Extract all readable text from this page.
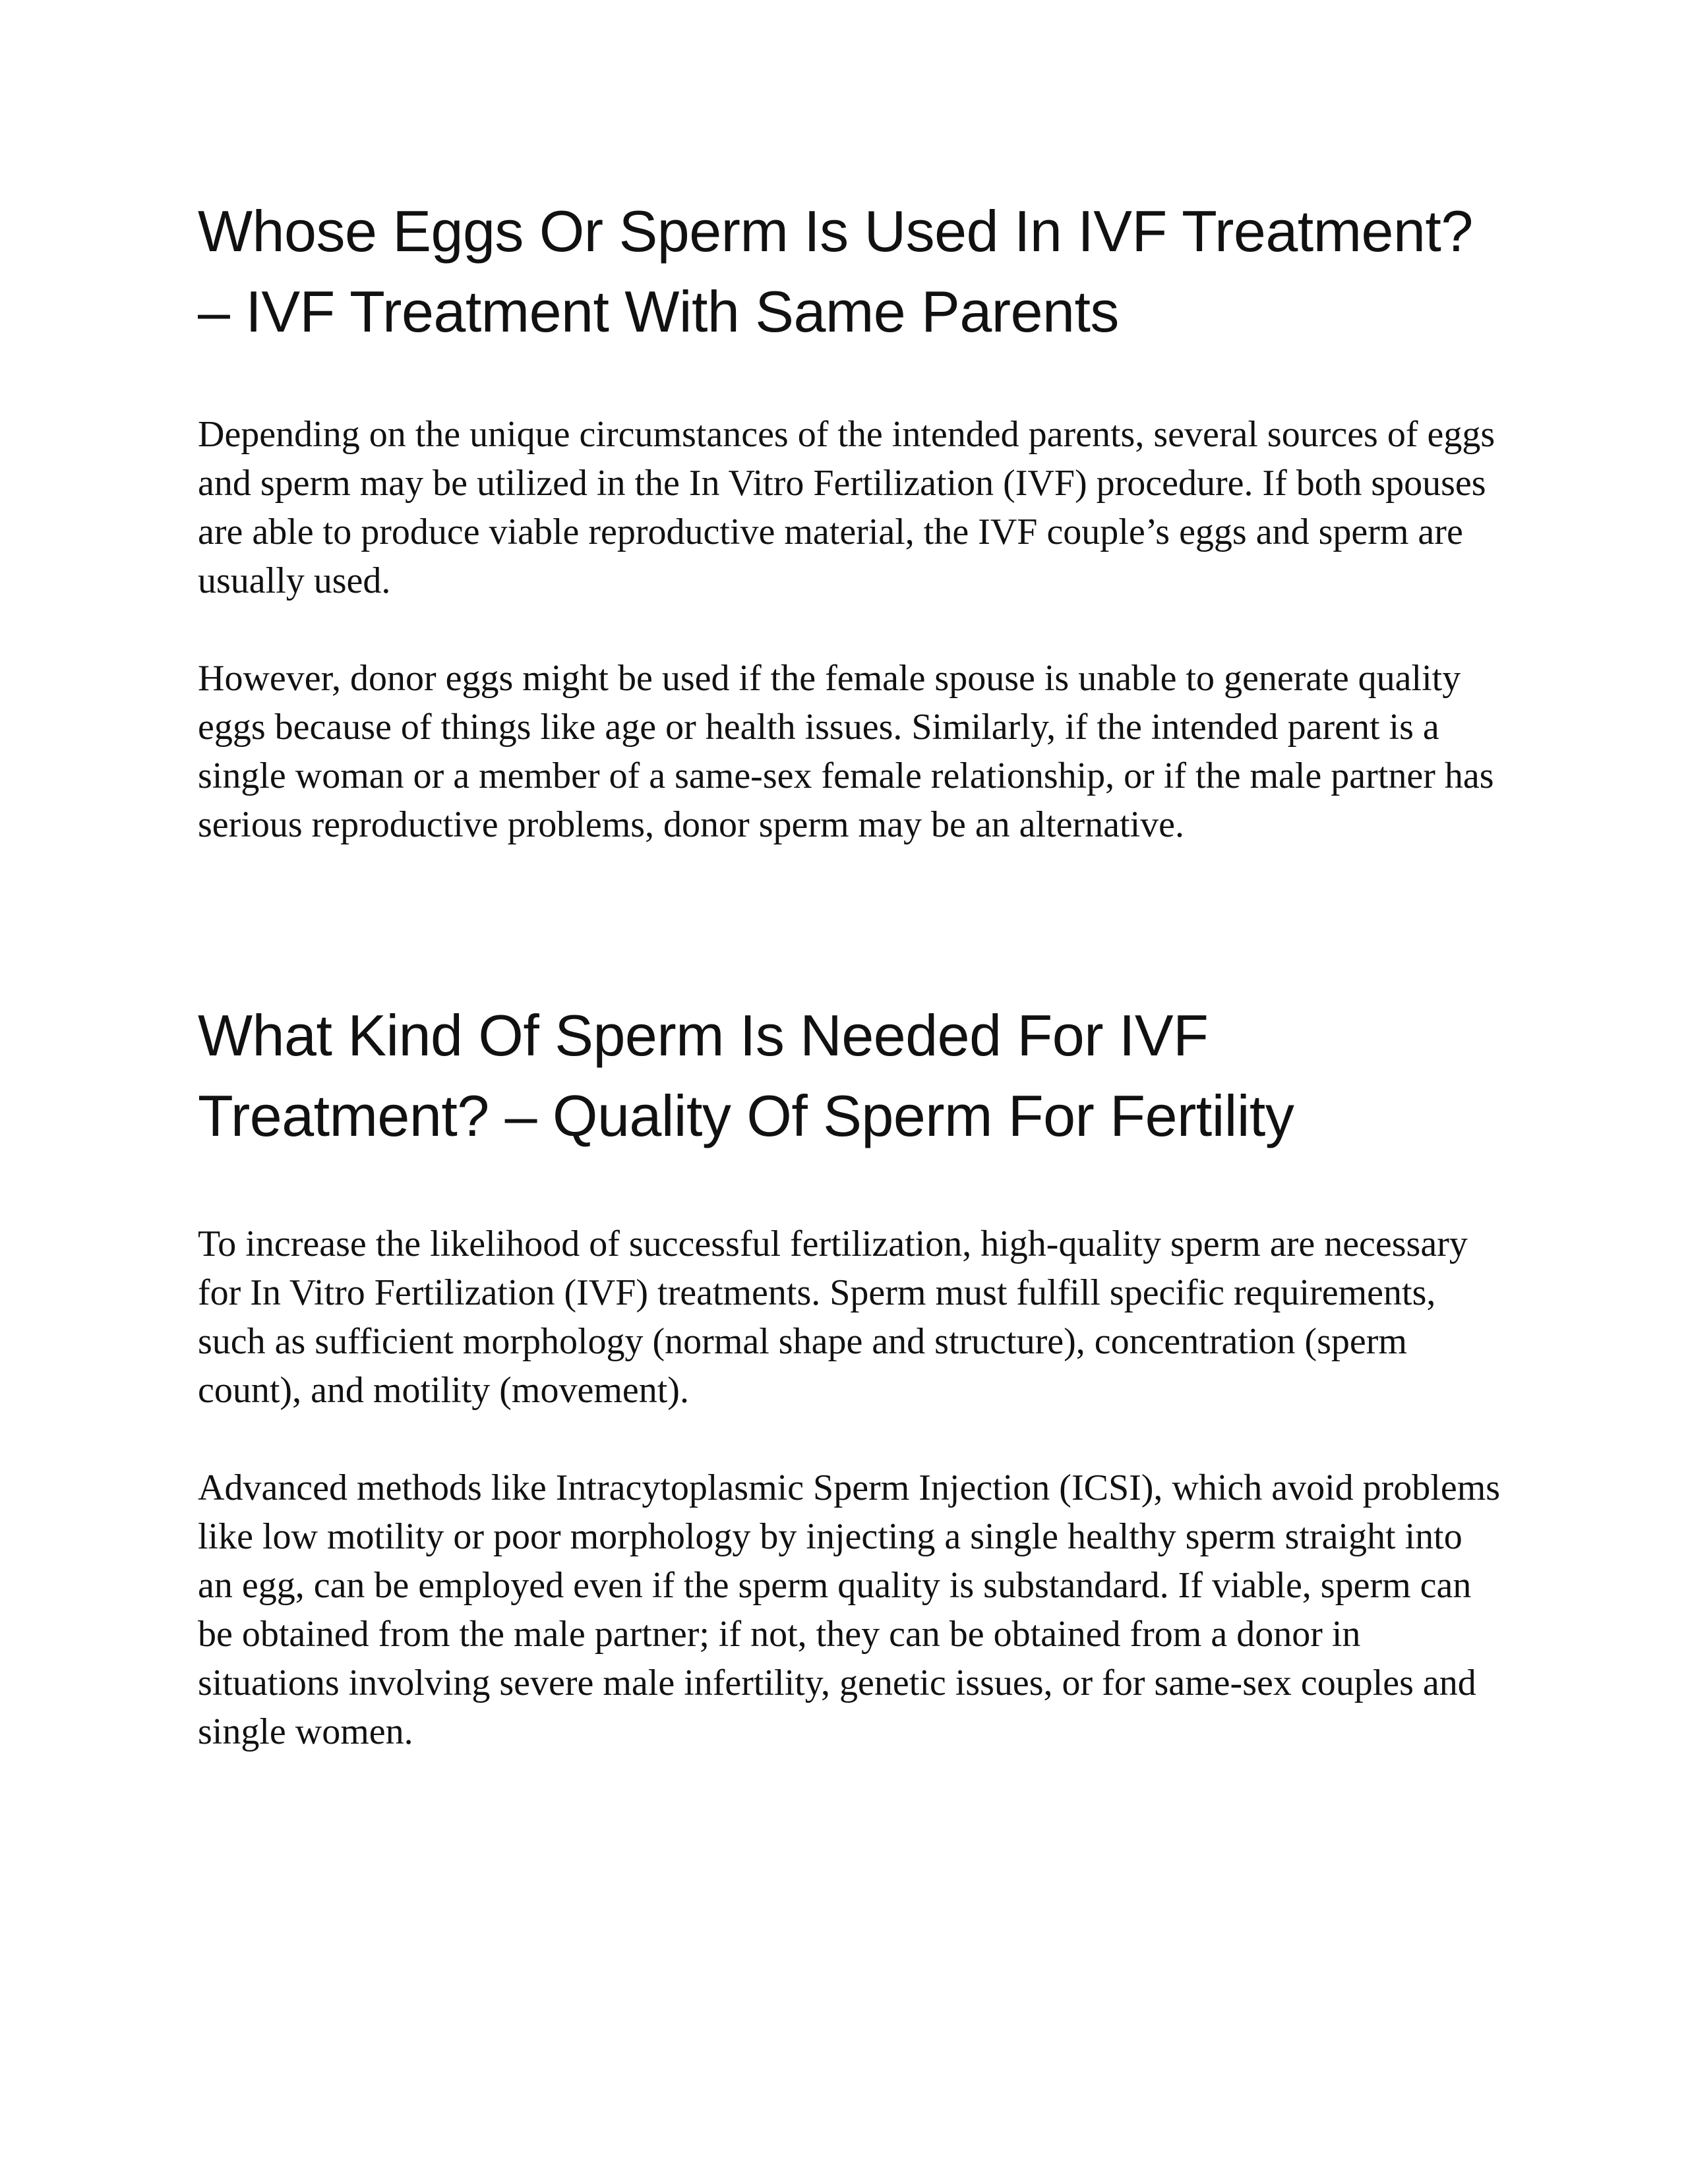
Whose Eggs Or Sperm Is Used In IVF Treatment? – IVF Treatment With Same Parents

Depending on the unique circumstances of the intended parents, several sources of eggs and sperm may be utilized in the In Vitro Fertilization (IVF) procedure. If both spouses are able to produce viable reproductive material, the IVF couple’s eggs and sperm are usually used.

However, donor eggs might be used if the female spouse is unable to generate quality eggs because of things like age or health issues. Similarly, if the intended parent is a single woman or a member of a same-sex female relationship, or if the male partner has serious reproductive problems, donor sperm may be an alternative.

What Kind Of Sperm Is Needed For IVF Treatment? – Quality Of Sperm For Fertility

To increase the likelihood of successful fertilization, high-quality sperm are necessary for In Vitro Fertilization (IVF) treatments. Sperm must fulfill specific requirements, such as sufficient morphology (normal shape and structure), concentration (sperm count), and motility (movement).

Advanced methods like Intracytoplasmic Sperm Injection (ICSI), which avoid problems like low motility or poor morphology by injecting a single healthy sperm straight into an egg, can be employed even if the sperm quality is substandard. If viable, sperm can be obtained from the male partner; if not, they can be obtained from a donor in situations involving severe male infertility, genetic issues, or for same-sex couples and single women.
